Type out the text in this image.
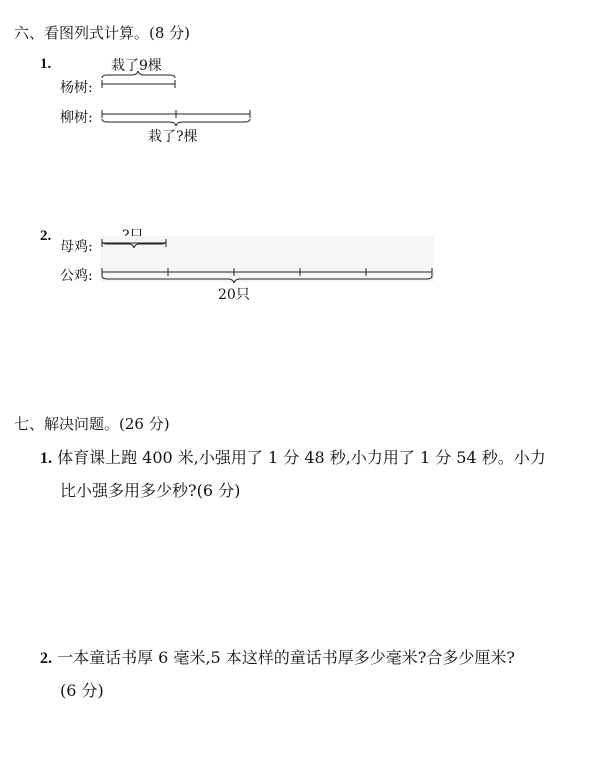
六、看图列式计算。(8 分)
1.	栽了9棵
杨树:
柳树:
栽了?棵
2.
母鸡:
公鸡:
20只
七、解决问题。(26 分)
1. 体育课上跑 400 米,小强用了 1 分 48 秒,小力用了 1 分 54 秒。小力
比小强多用多少秒?(6 分)
2. 一本童话书厚 6 毫米,5 本这样的童话书厚多少毫米?合多少厘米?
(6 分)
